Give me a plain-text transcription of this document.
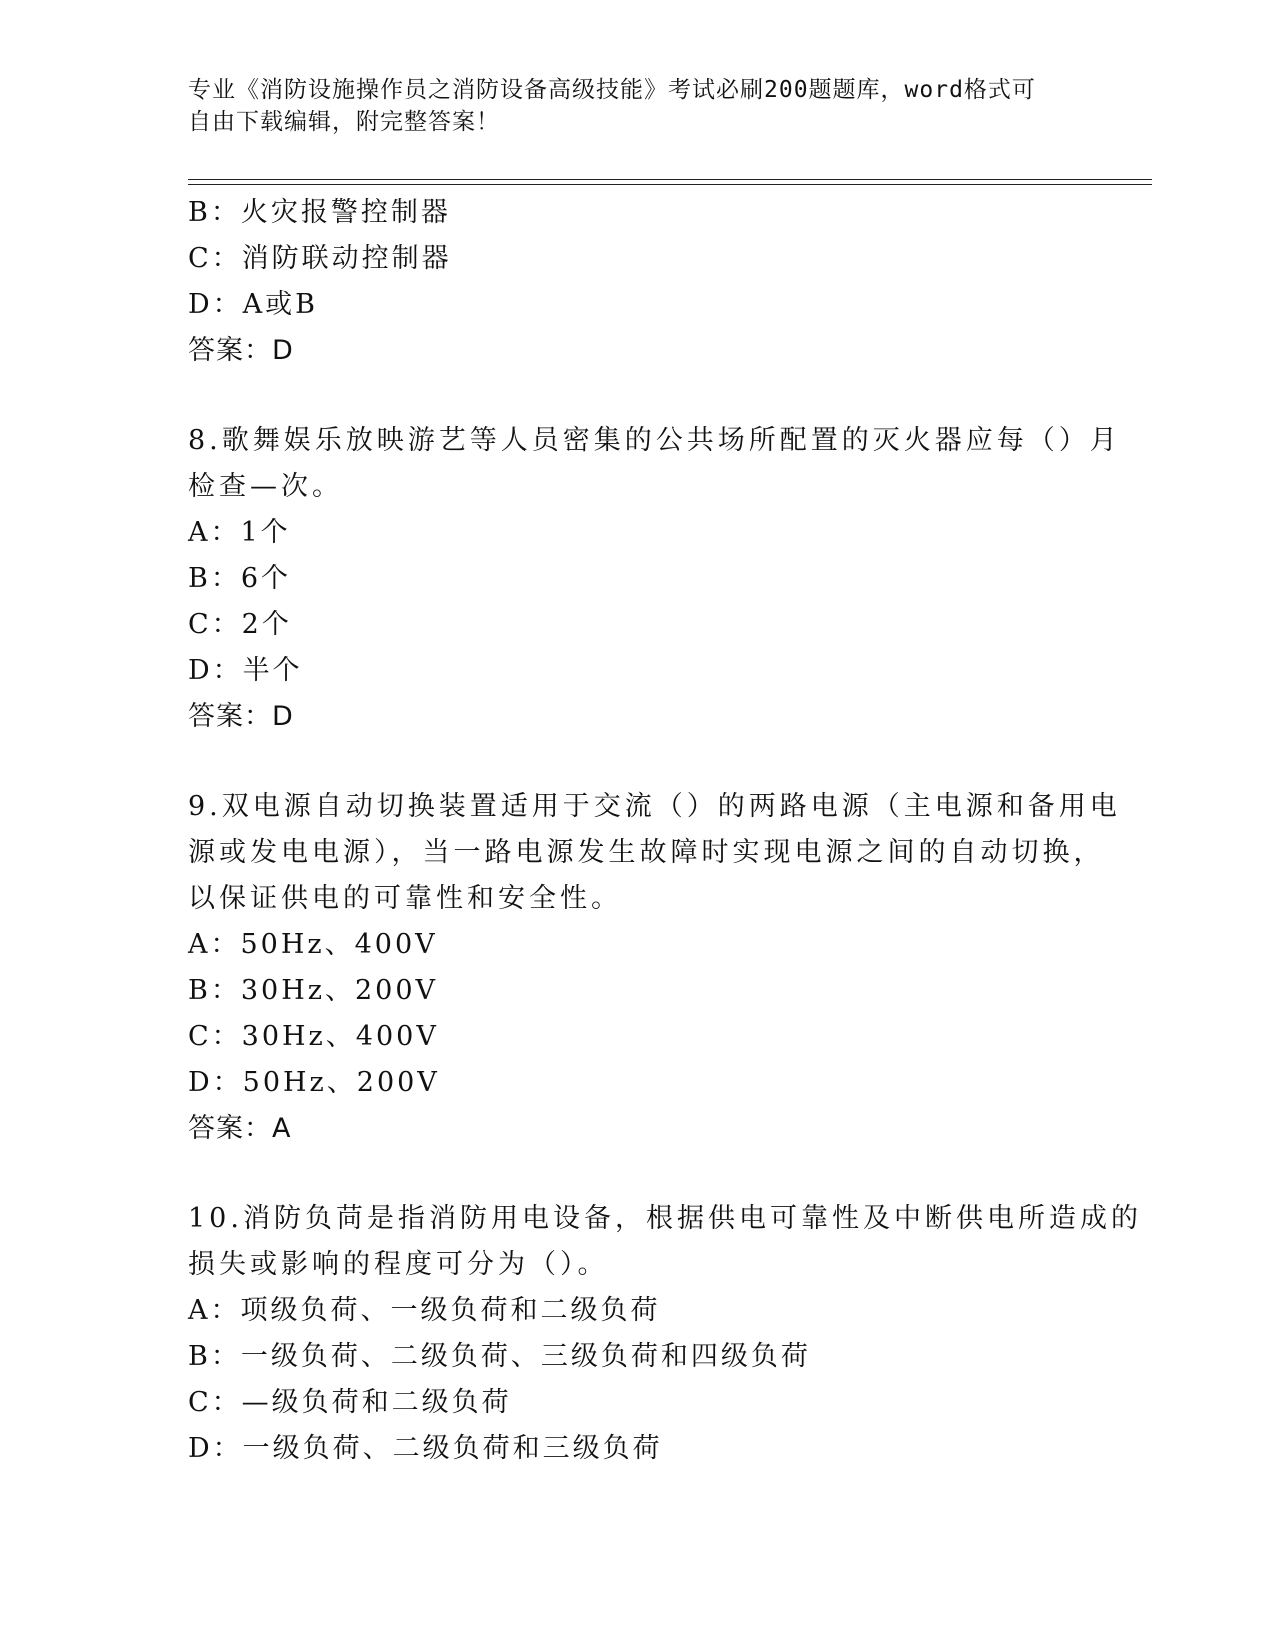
专业《消防设施操作员之消防设备高级技能》考试必刷200题题库，word格式可
自由下载编辑，附完整答案！
B：火灾报警控制器
C：消防联动控制器
D：A或B
答案：D
8.歌舞娱乐放映游艺等人员密集的公共场所配置的灭火器应每（）月
检查—次。
A：1个
B：6个
C：2个
D：半个
答案：D
9.双电源自动切换装置适用于交流（）的两路电源（主电源和备用电
源或发电电源），当一路电源发生故障时实现电源之间的自动切换，
以保证供电的可靠性和安全性。
A：50Hz、400V
B：30Hz、200V
C：30Hz、400V
D：50Hz、200V
答案：A
10.消防负苘是指消防用电设备，根据供电可靠性及中断供电所造成的
损失或影响的程度可分为（）。
A：项级负荷、一级负荷和二级负荷
B：一级负荷、二级负荷、三级负荷和四级负荷
C：—级负荷和二级负荷
D：一级负荷、二级负荷和三级负荷
